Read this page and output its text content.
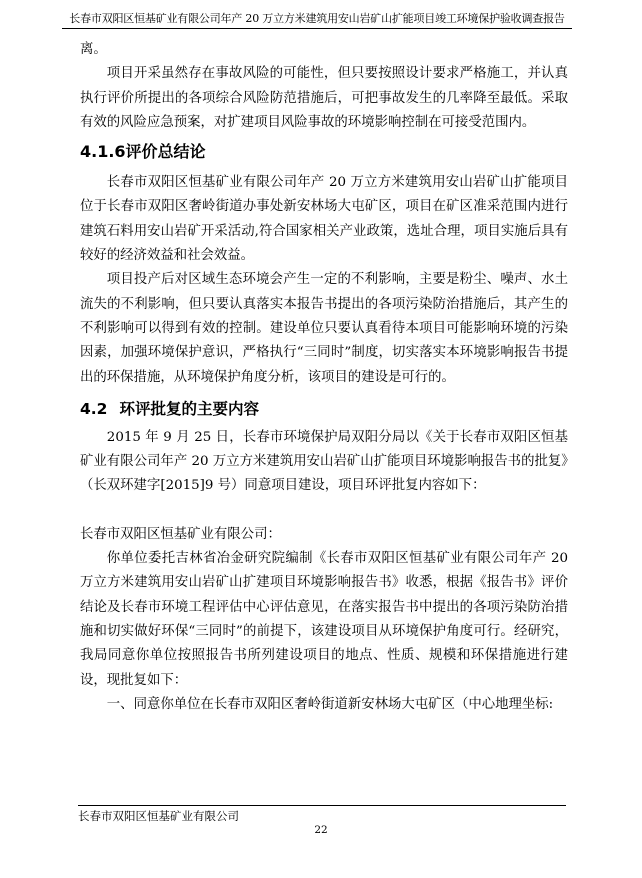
长春市双阳区恒基矿业有限公司年产 20 万立方米建筑用安山岩矿山扩能项目竣工环境保护验收调查报告

离。

项目开采虽然存在事故风险的可能性，但只要按照设计要求严格施工，并认真执行评价所提出的各项综合风险防范措施后，可把事故发生的几率降至最低。采取有效的风险应急预案，对扩建项目风险事故的环境影响控制在可接受范围内。

4.1.6评价总结论

长春市双阳区恒基矿业有限公司年产 20 万立方米建筑用安山岩矿山扩能项目位于长春市双阳区奢岭街道办事处新安林场大屯矿区，项目在矿区准采范围内进行建筑石料用安山岩矿开采活动,符合国家相关产业政策，选址合理，项目实施后具有较好的经济效益和社会效益。

项目投产后对区域生态环境会产生一定的不利影响，主要是粉尘、噪声、水土流失的不利影响，但只要认真落实本报告书提出的各项污染防治措施后，其产生的不利影响可以得到有效的控制。建设单位只要认真看待本项目可能影响环境的污染因素，加强环境保护意识，严格执行“三同时”制度，切实落实本环境影响报告书提出的环保措施，从环境保护角度分析，该项目的建设是可行的。

4.2 环评批复的主要内容

2015 年 9 月 25 日，长春市环境保护局双阳分局以《关于长春市双阳区恒基矿业有限公司年产 20 万立方米建筑用安山岩矿山扩能项目环境影响报告书的批复》（长双环建字[2015]9 号）同意项目建设，项目环评批复内容如下：

长春市双阳区恒基矿业有限公司：

你单位委托吉林省冶金研究院编制《长春市双阳区恒基矿业有限公司年产 20 万立方米建筑用安山岩矿山扩建项目环境影响报告书》收悉，根据《报告书》评价结论及长春市环境工程评估中心评估意见，在落实报告书中提出的各项污染防治措施和切实做好环保“三同时”的前提下，该建设项目从环境保护角度可行。经研究，我局同意你单位按照报告书所列建设项目的地点、性质、规模和环保措施进行建设，现批复如下：

一、同意你单位在长春市双阳区奢岭街道新安林场大屯矿区（中心地理坐标:

长春市双阳区恒基矿业有限公司
22
